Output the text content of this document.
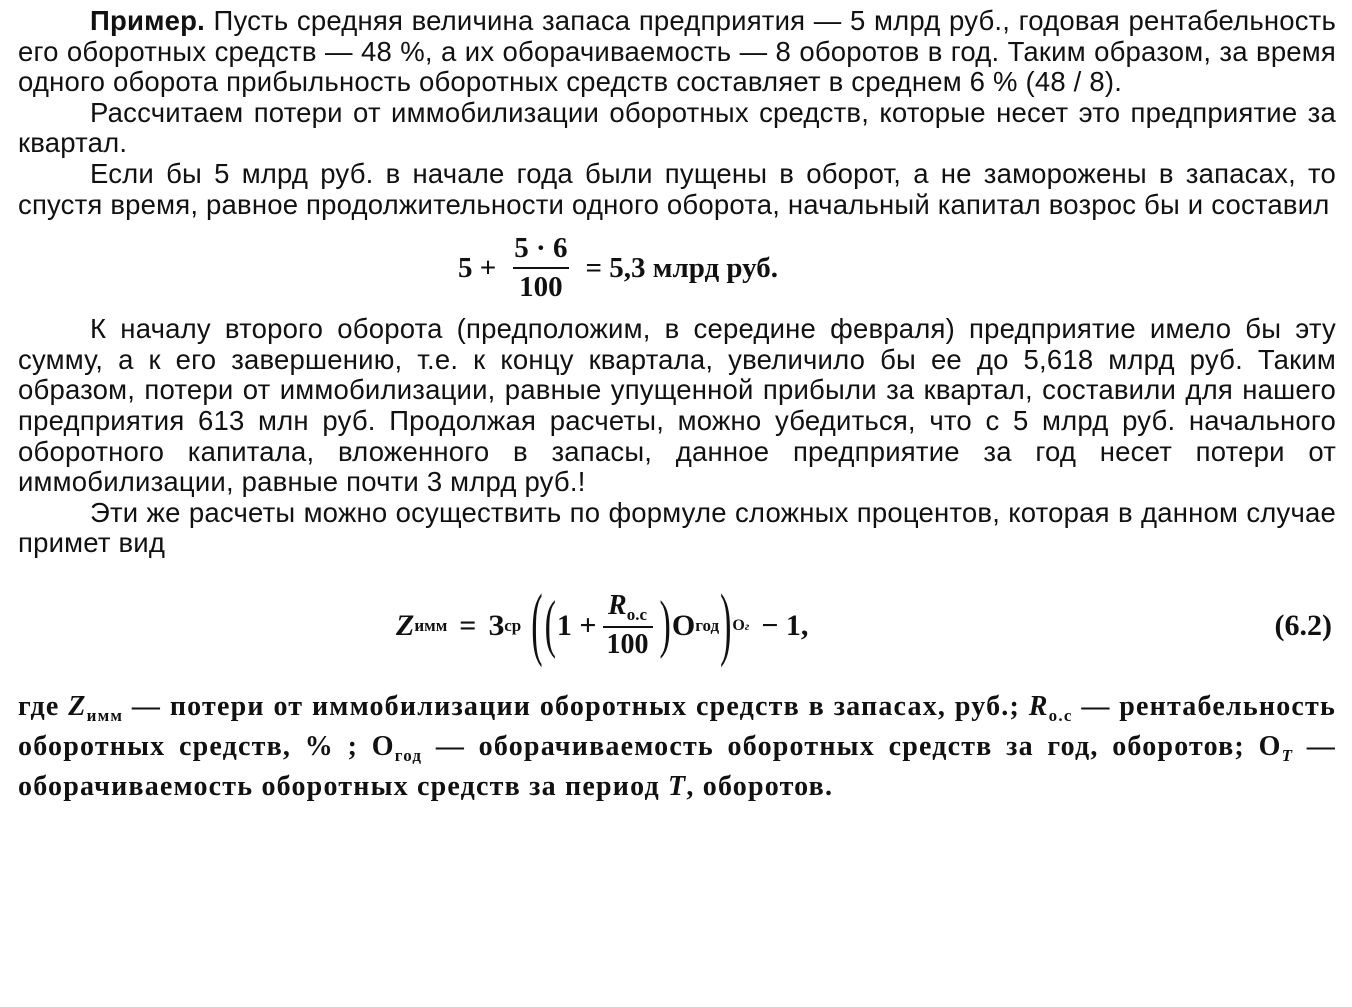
Пример. Пусть средняя величина запаса предприятия — 5 млрд руб., годовая рентабельность его оборотных средств — 48 %, а их оборачиваемость — 8 оборотов в год. Таким образом, за время одного оборота прибыльность оборотных средств составляет в среднем 6 % (48 / 8).

Рассчитаем потери от иммобилизации оборотных средств, которые несет это предприятие за квартал.

Если бы 5 млрд руб. в начале года были пущены в оборот, а не заморожены в запасах, то спустя время, равное продолжительности одного оборота, начальный капитал возрос бы и составил

$5 + \frac{5 \cdot 6}{100} = 5,3$ млрд руб.

К началу второго оборота (предположим, в середине февраля) предприятие имело бы эту сумму, а к его завершению, т.е. к концу квартала, увеличило бы ее до 5,618 млрд руб. Таким образом, потери от иммобилизации, равные упущенной прибыли за квартал, составили для нашего предприятия 613 млн руб. Продолжая расчеты, можно убедиться, что с 5 млрд руб. начального оборотного капитала, вложенного в запасы, данное предприятие за год несет потери от иммобилизации, равные почти 3 млрд руб.!

Эти же расчеты можно осуществить по формуле сложных процентов, которая в данном случае примет вид

Z имм = З ср ( ( $1 + \frac{R_{о.с}}{100}$ ) О год ) Ог − 1,	(6.2)

где $Z_{имм}$ — потери от иммобилизации оборотных средств в запасах, руб.; $R_{о.с}$ — рентабельность оборотных средств, % ; $О_{год}$ — оборачиваемость оборотных средств за год, оборотов; $О_T$ — оборачиваемость оборотных средств за период T, оборотов.
